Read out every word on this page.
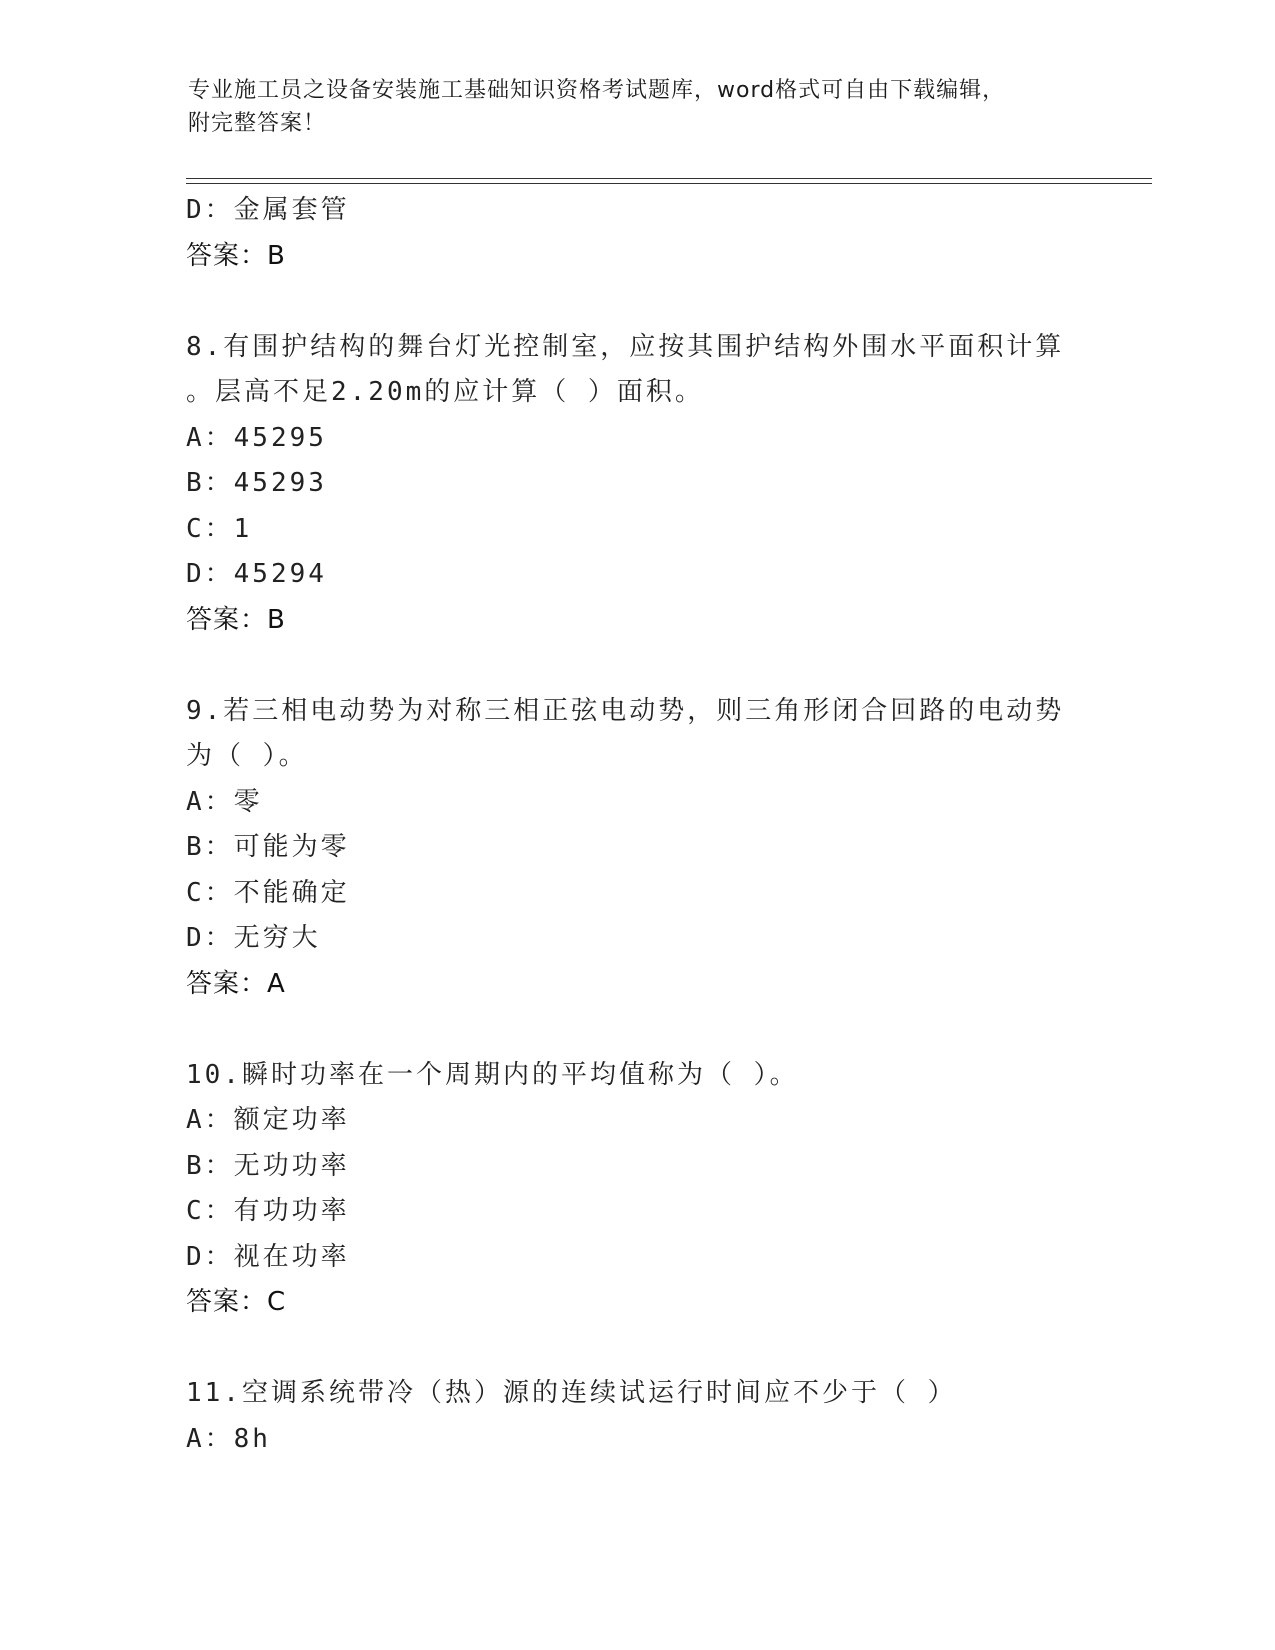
专业施工员之设备安装施工基础知识资格考试题库，word格式可自由下载编辑，
附完整答案！
D：金属套管
答案：B
8.有围护结构的舞台灯光控制室，应按其围护结构外围水平面积计算
。层高不足2.20m的应计算（ ）面积。
A：45295
B：45293
C：1
D：45294
答案：B
9.若三相电动势为对称三相正弦电动势，则三角形闭合回路的电动势
为（ ）。
A：零
B：可能为零
C：不能确定
D：无穷大
答案：A
10.瞬时功率在一个周期内的平均值称为（ ）。
A：额定功率
B：无功功率
C：有功功率
D：视在功率
答案：C
11.空调系统带冷（热）源的连续试运行时间应不少于（ ）
A：8h
